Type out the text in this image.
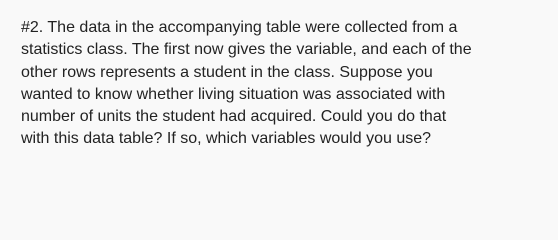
#2. The data in the accompanying table were collected from a
statistics class. The first now gives the variable, and each of the
other rows represents a student in the class. Suppose you
wanted to know whether living situation was associated with
number of units the student had acquired. Could you do that
with this data table? If so, which variables would you use?
